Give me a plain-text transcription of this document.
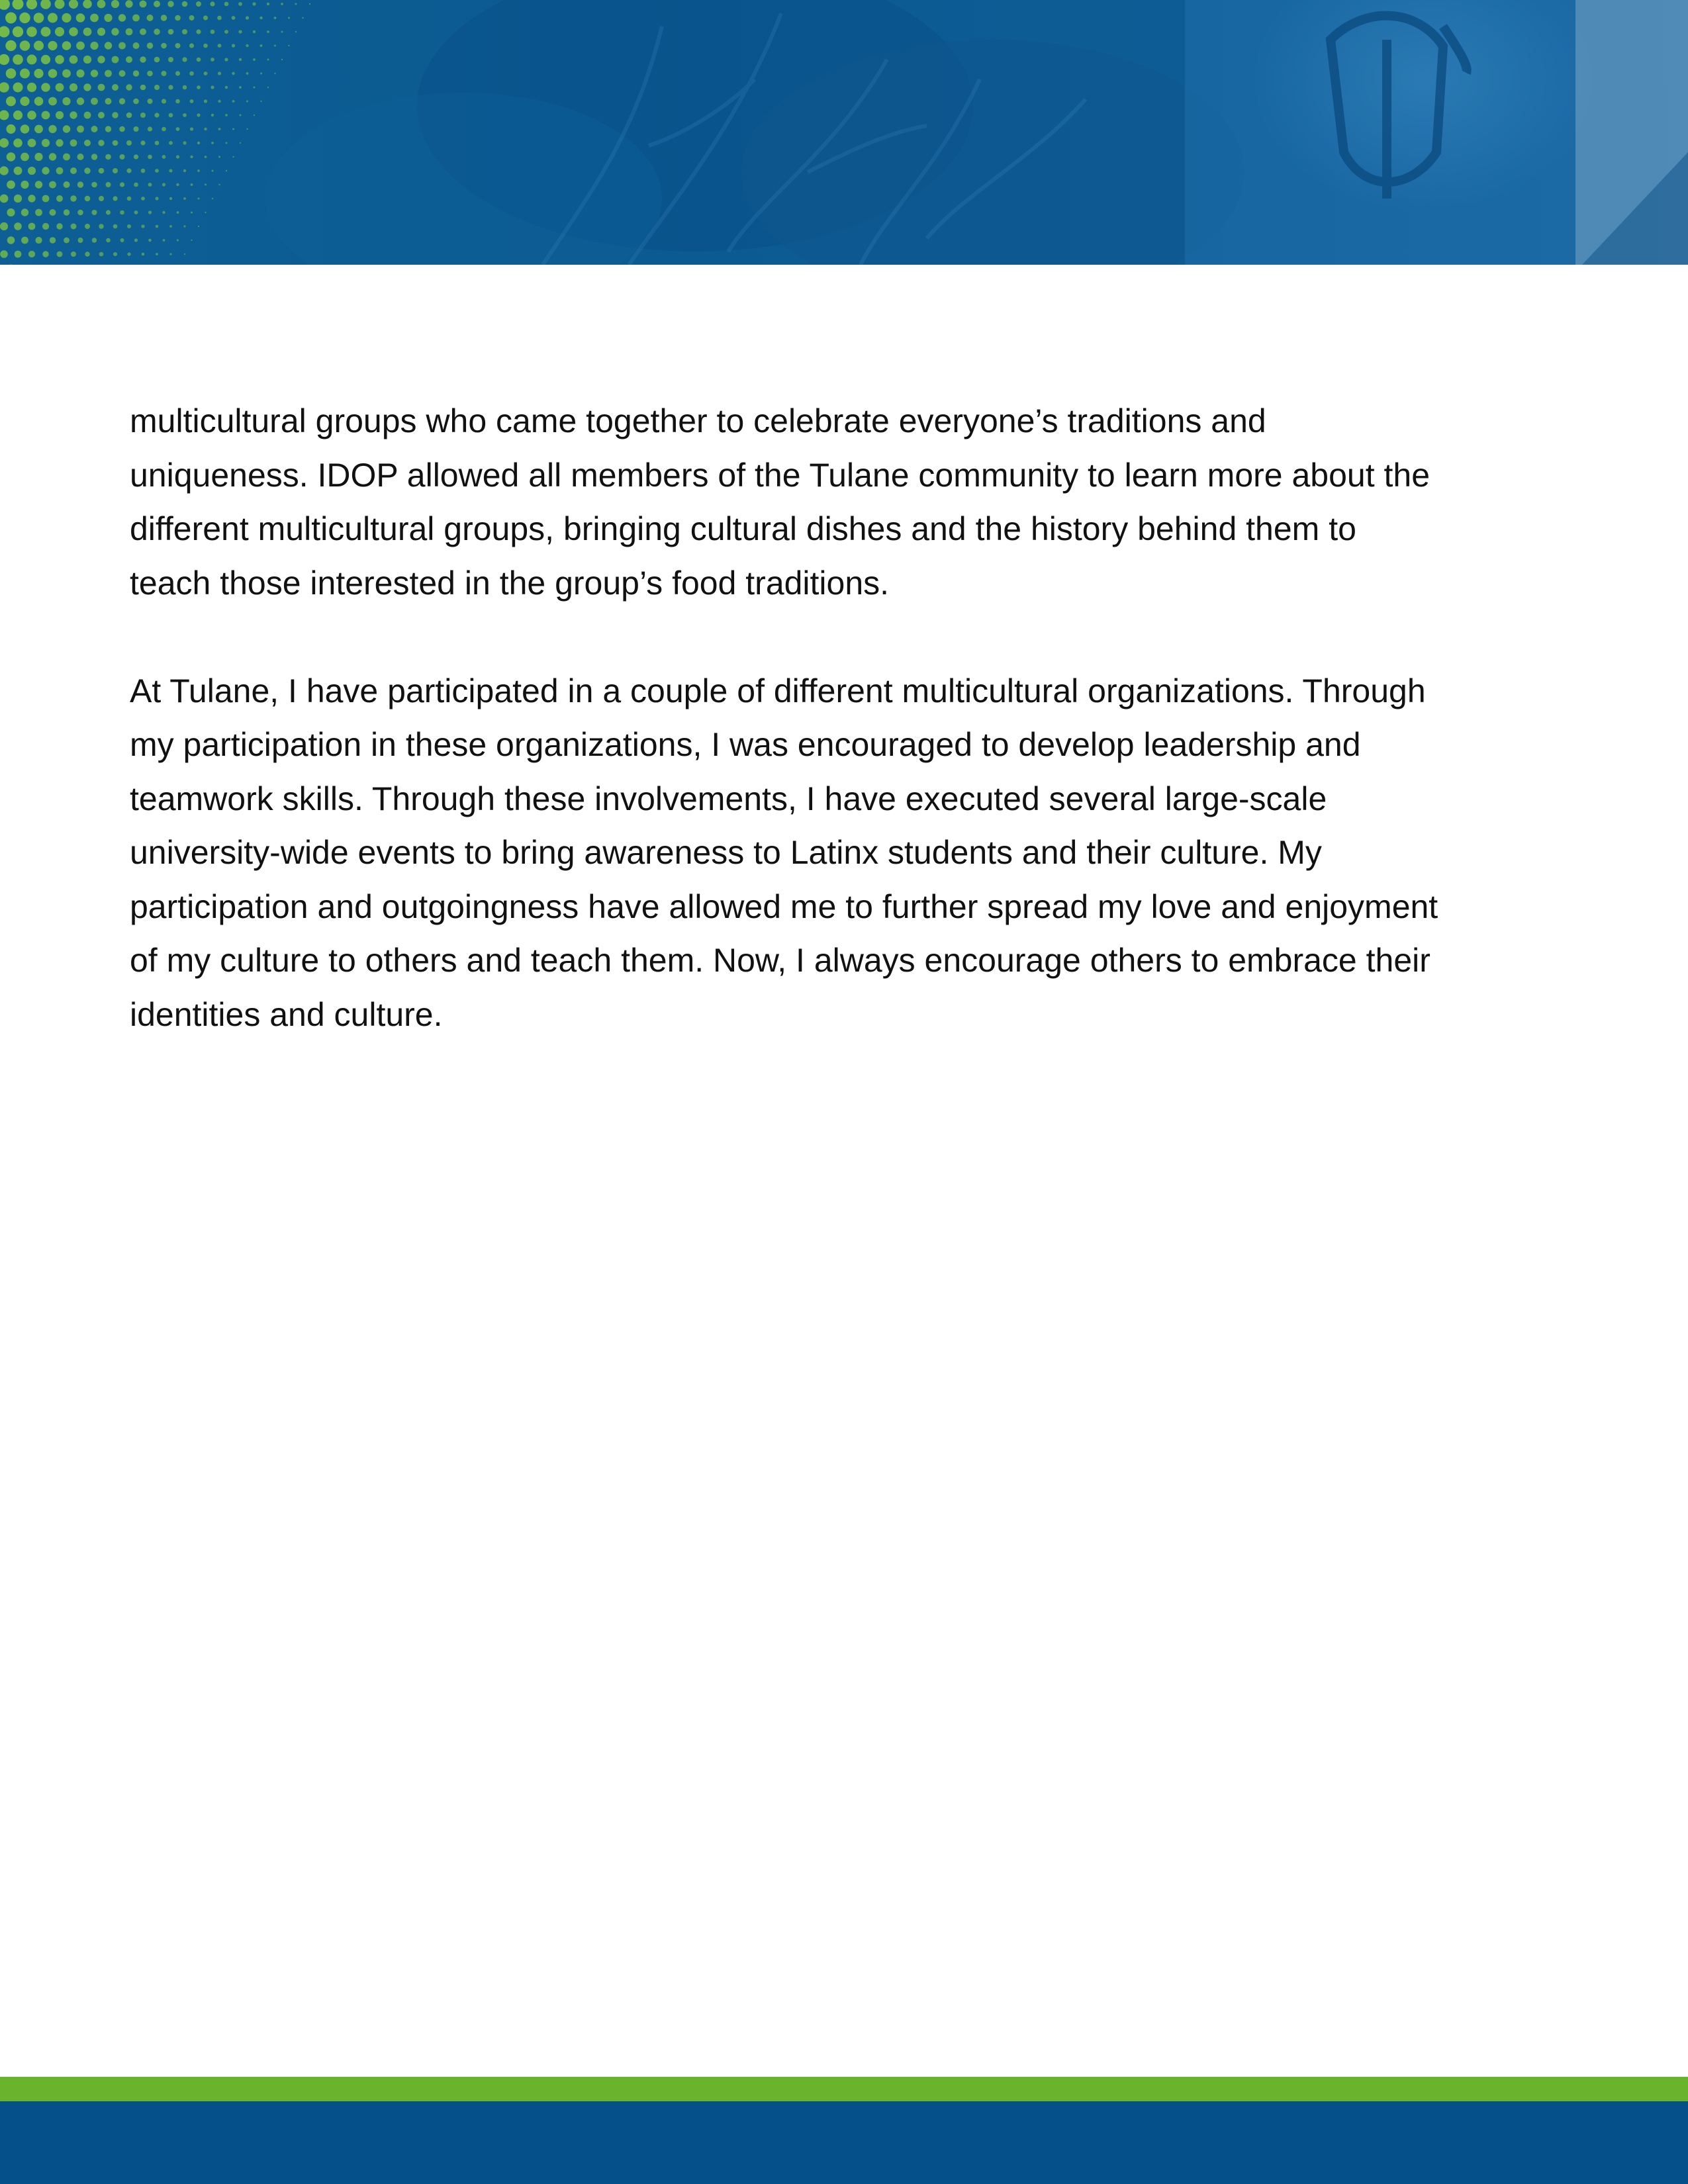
multicultural groups who came together to celebrate everyone’s traditions and

uniqueness. IDOP allowed all members of the Tulane community to learn more about the

different multicultural groups, bringing cultural dishes and the history behind them to

teach those interested in the group’s food traditions.

At Tulane, I have participated in a couple of different multicultural organizations. Through

my participation in these organizations, I was encouraged to develop leadership and

teamwork skills. Through these involvements, I have executed several large-scale

university-wide events to bring awareness to Latinx students and their culture. My

participation and outgoingness have allowed me to further spread my love and enjoyment

of my culture to others and teach them. Now, I always encourage others to embrace their

identities and culture.
